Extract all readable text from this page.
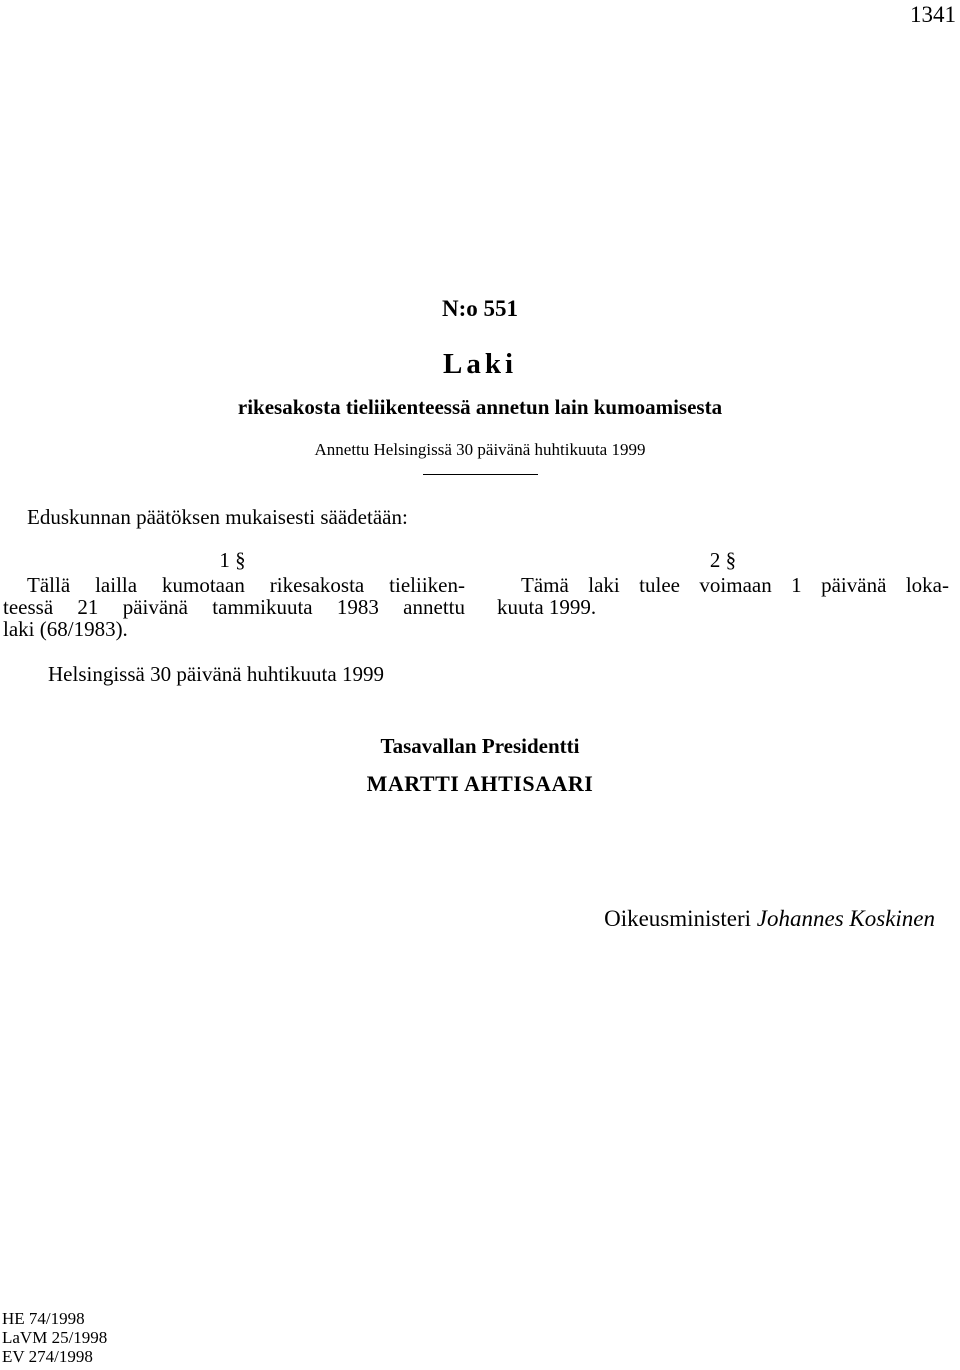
1341
N:o 551
Laki
rikesakosta tieliikenteessä annetun lain kumoamisesta
Annettu Helsingissä 30 päivänä huhtikuuta 1999
Eduskunnan päätöksen mukaisesti säädetään:
1 §
Tällä lailla kumotaan rikesakosta tieliiken-
teessä 21 päivänä tammikuuta 1983 annettu
laki (68/1983).
2 §
Tämä laki tulee voimaan 1 päivänä loka-
kuuta 1999.
Helsingissä 30 päivänä huhtikuuta 1999
Tasavallan Presidentti
MARTTI AHTISAARI
Oikeusministeri Johannes Koskinen
HE 74/1998
LaVM 25/1998
EV 274/1998
